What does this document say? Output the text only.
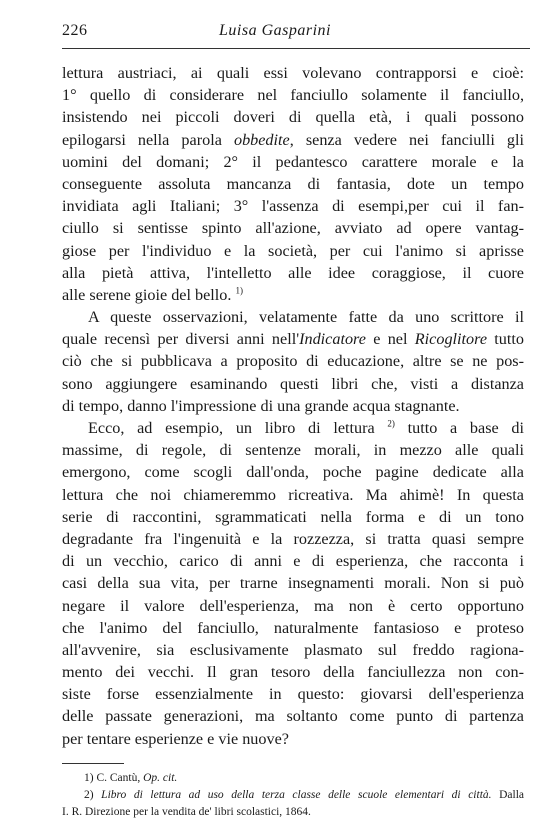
226	Luisa Gasparini
lettura austriaci, ai quali essi volevano contrapporsi e cioè:
1° quello di considerare nel fanciullo solamente il fanciullo,
insistendo nei piccoli doveri di quella età, i quali possono
epilogarsi nella parola obbedite, senza vedere nei fanciulli gli
uomini del domani; 2° il pedantesco carattere morale e la
conseguente assoluta mancanza di fantasia, dote un tempo
invidiata agli Italiani; 3° l'assenza di esempi,per cui il fan-
ciullo si sentisse spinto all'azione, avviato ad opere vantag-
giose per l'individuo e la società, per cui l'animo si aprisse
alla pietà attiva, l'intelletto alle idee coraggiose, il cuore
alle serene gioie del bello. $^{1)}$
A queste osservazioni, velatamente fatte da uno scrittore il
quale recensì per diversi anni nell'Indicatore e nel Ricoglitore tutto
ciò che si pubblicava a proposito di educazione, altre se ne pos-
sono aggiungere esaminando questi libri che, visti a distanza
di tempo, danno l'impressione di una grande acqua stagnante.
Ecco, ad esempio, un libro di lettura $^{2)}$ tutto a base di
massime, di regole, di sentenze morali, in mezzo alle quali
emergono, come scogli dall'onda, poche pagine dedicate alla
lettura che noi chiameremmo ricreativa. Ma ahimè! In questa
serie di raccontini, sgrammaticati nella forma e di un tono
degradante fra l'ingenuità e la rozzezza, si tratta quasi sempre
di un vecchio, carico di anni e di esperienza, che racconta i
casi della sua vita, per trarne insegnamenti morali. Non si può
negare il valore dell'esperienza, ma non è certo opportuno
che l'animo del fanciullo, naturalmente fantasioso e proteso
all'avvenire, sia esclusivamente plasmato sul freddo ragiona-
mento dei vecchi. Il gran tesoro della fanciullezza non con-
siste forse essenzialmente in questo: giovarsi dell'esperienza
delle passate generazioni, ma soltanto come punto di partenza
per tentare esperienze e vie nuove?
1) C. Cantù, Op. cit.
2) Libro di lettura ad uso della terza classe delle scuole elementari di città. Dalla
I. R. Direzione per la vendita de' libri scolastici, 1864.
